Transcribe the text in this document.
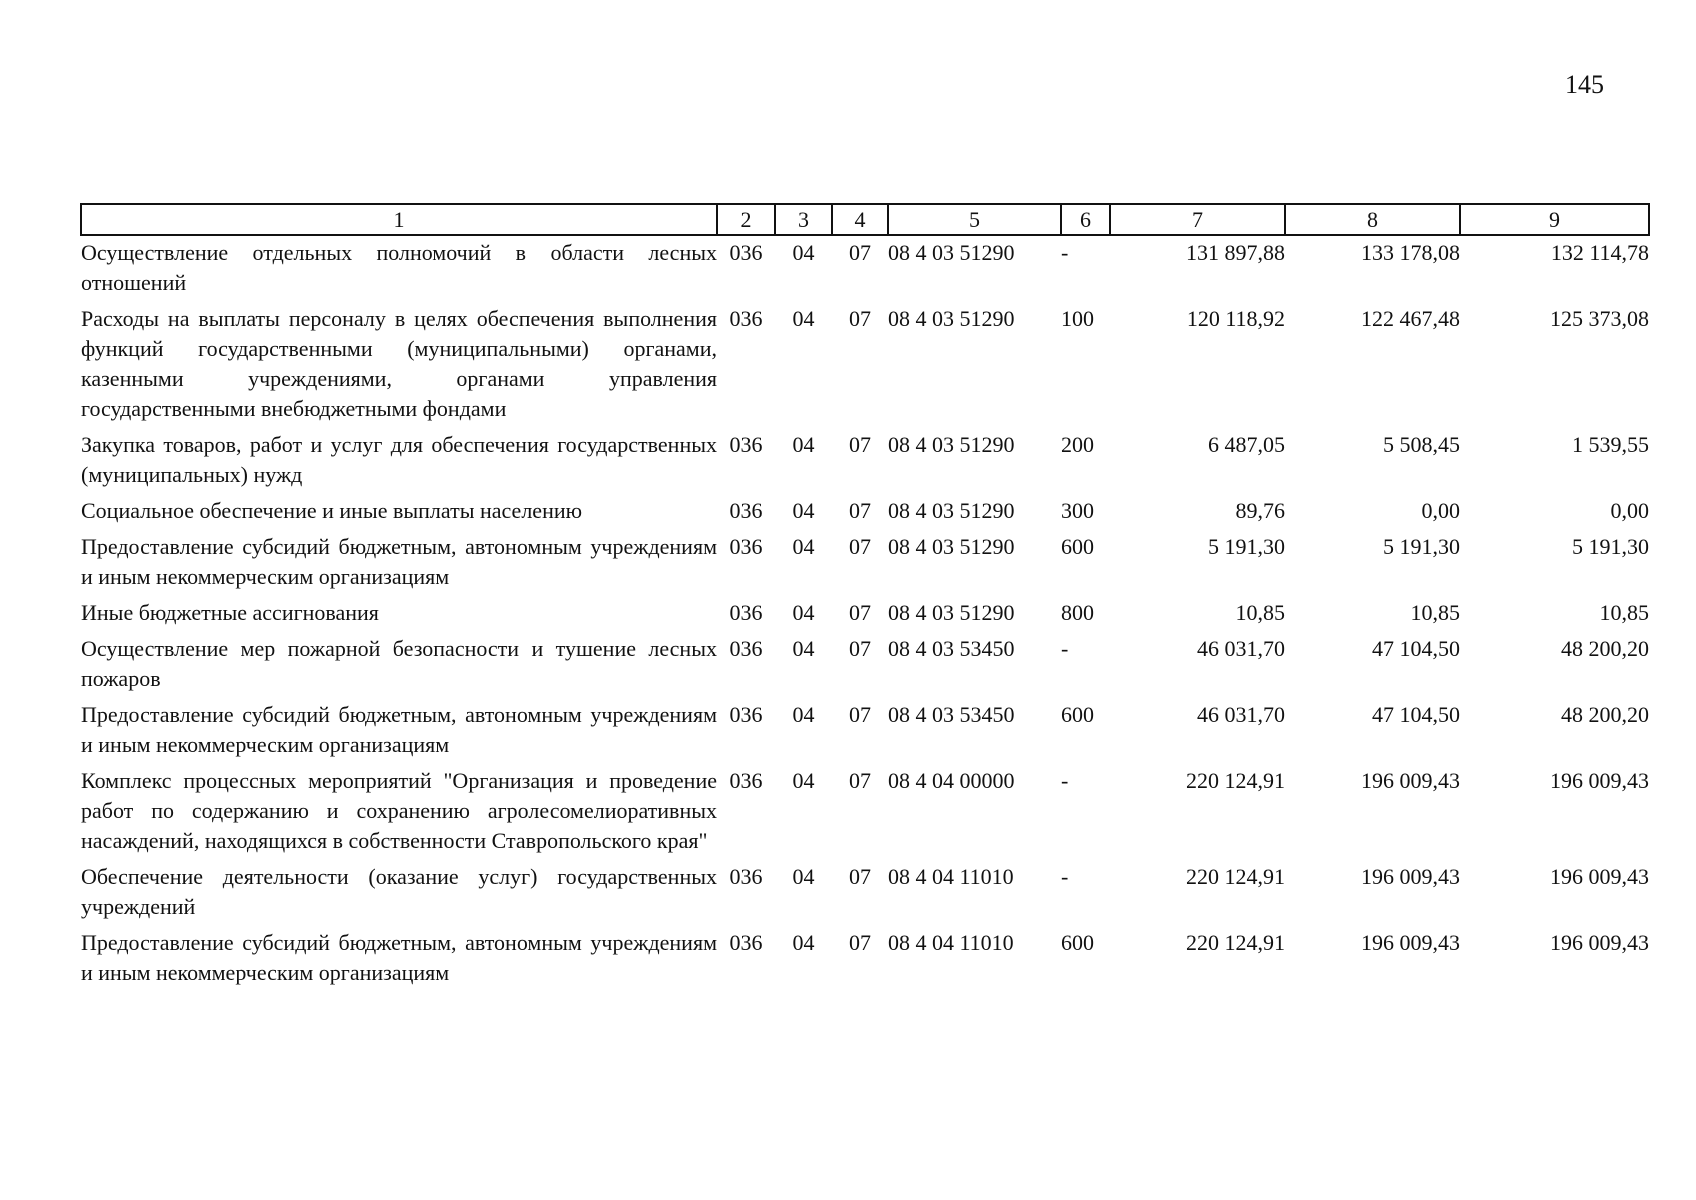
145
1	2	3	4	5	6	7	8	9
Осуществление отдельных полномочий в области лесных отношений	036	04	07	08 4 03 51290	-	131 897,88	133 178,08	132 114,78
Расходы на выплаты персоналу в целях обеспечения выполнения функций государственными (муниципальными) органами, казенными учреждениями, органами управления государственными внебюджетными фондами	036	04	07	08 4 03 51290	100	120 118,92	122 467,48	125 373,08
Закупка товаров, работ и услуг для обеспечения государственных (муниципальных) нужд	036	04	07	08 4 03 51290	200	6 487,05	5 508,45	1 539,55
Социальное обеспечение и иные выплаты населению	036	04	07	08 4 03 51290	300	89,76	0,00	0,00
Предоставление субсидий бюджетным, автономным учреждениям и иным некоммерческим организациям	036	04	07	08 4 03 51290	600	5 191,30	5 191,30	5 191,30
Иные бюджетные ассигнования	036	04	07	08 4 03 51290	800	10,85	10,85	10,85
Осуществление мер пожарной безопасности и тушение лесных пожаров	036	04	07	08 4 03 53450	-	46 031,70	47 104,50	48 200,20
Предоставление субсидий бюджетным, автономным учреждениям и иным некоммерческим организациям	036	04	07	08 4 03 53450	600	46 031,70	47 104,50	48 200,20
Комплекс процессных мероприятий "Организация и проведение работ по содержанию и сохранению агролесомелиоративных насаждений, находящихся в собственности Ставропольского края"	036	04	07	08 4 04 00000	-	220 124,91	196 009,43	196 009,43
Обеспечение деятельности (оказание услуг) государственных учреждений	036	04	07	08 4 04 11010	-	220 124,91	196 009,43	196 009,43
Предоставление субсидий бюджетным, автономным учреждениям и иным некоммерческим организациям	036	04	07	08 4 04 11010	600	220 124,91	196 009,43	196 009,43
